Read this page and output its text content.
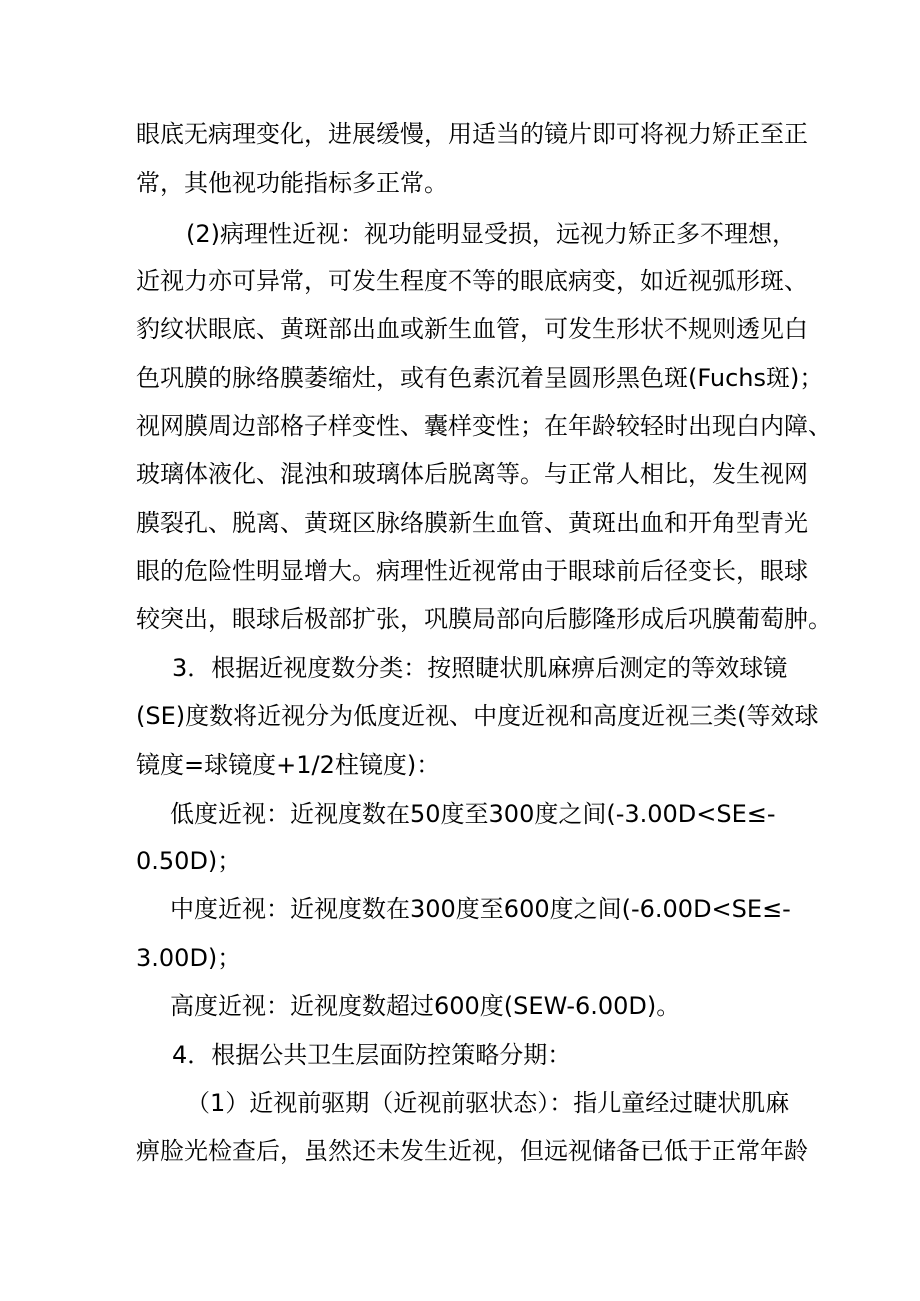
眼底无病理变化，进展缓慢，用适当的镜片即可将视力矫正至正
常，其他视功能指标多正常。
(2)病理性近视：视功能明显受损，远视力矫正多不理想，
近视力亦可异常，可发生程度不等的眼底病变，如近视弧形斑、
豹纹状眼底、黄斑部出血或新生血管，可发生形状不规则透见白
色巩膜的脉络膜萎缩灶，或有色素沉着呈圆形黑色斑(Fuchs斑)；
视网膜周边部格子样变性、囊样变性；在年龄较轻时出现白内障、
玻璃体液化、混浊和玻璃体后脱离等。与正常人相比，发生视网
膜裂孔、脱离、黄斑区脉络膜新生血管、黄斑出血和开角型青光
眼的危险性明显增大。病理性近视常由于眼球前后径变长，眼球
较突出，眼球后极部扩张，巩膜局部向后膨隆形成后巩膜葡萄肿。
3．根据近视度数分类：按照睫状肌麻痹后测定的等效球镜
(SE)度数将近视分为低度近视、中度近视和高度近视三类(等效球
镜度=球镜度+1/2柱镜度)：
低度近视：近视度数在50度至300度之间(-3.00D<SE≤-
0.50D)；
中度近视：近视度数在300度至600度之间(-6.00D<SE≤-
3.00D)；
高度近视：近视度数超过600度(SEW-6.00D)。
4．根据公共卫生层面防控策略分期：
（1）近视前驱期（近视前驱状态）：指儿童经过睫状肌麻
痹脸光检查后，虽然还未发生近视，但远视储备已低于正常年龄
